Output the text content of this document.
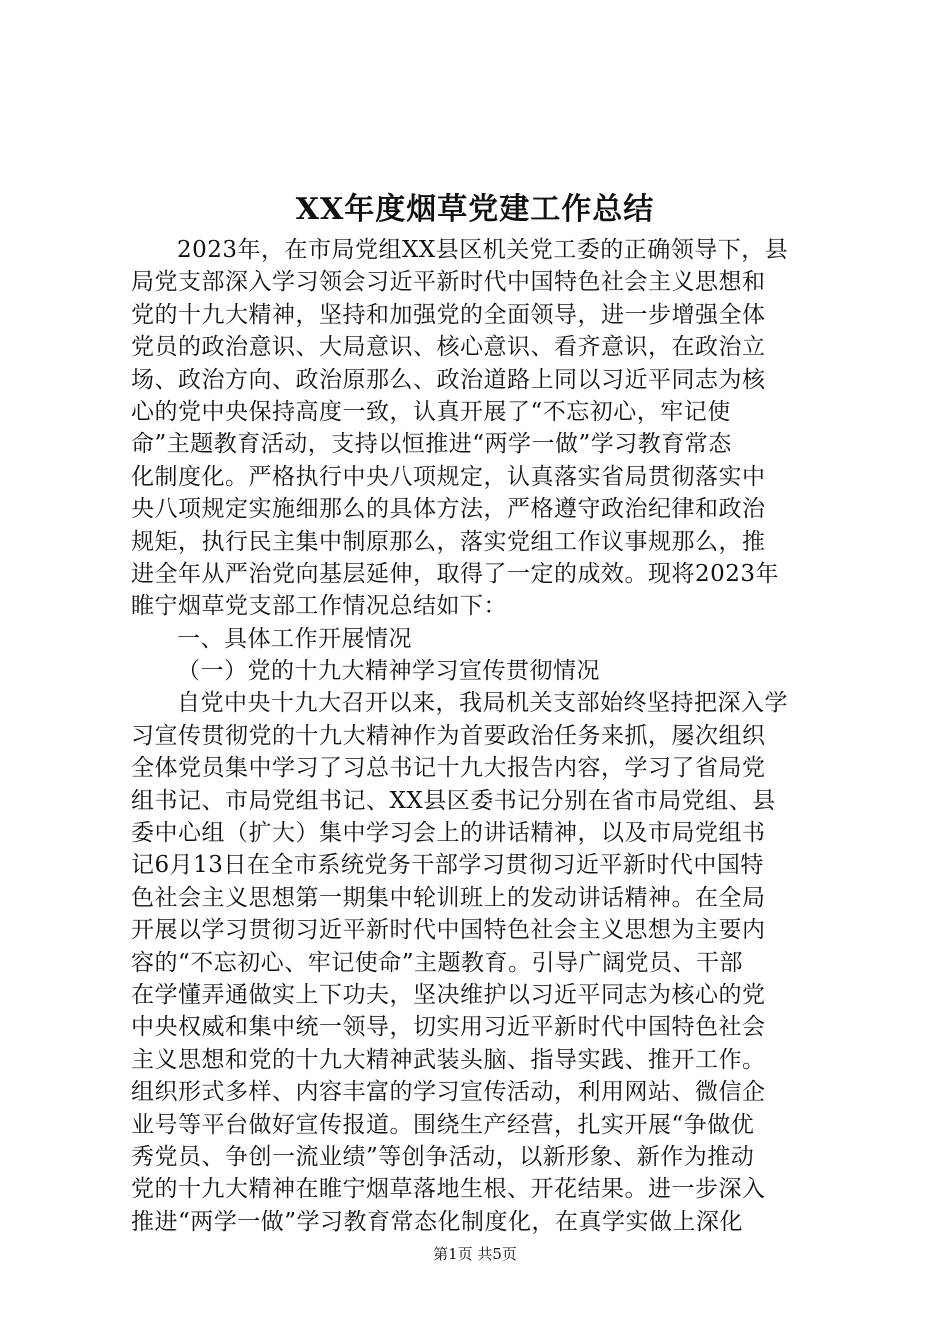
XX年度烟草党建工作总结
2023年，在市局党组XX县区机关党工委的正确领导下，县
局党支部深入学习领会习近平新时代中国特色社会主义思想和
党的十九大精神，坚持和加强党的全面领导，进一步增强全体
党员的政治意识、大局意识、核心意识、看齐意识，在政治立
场、政治方向、政治原那么、政治道路上同以习近平同志为核
心的党中央保持高度一致，认真开展了“不忘初心，牢记使
命”主题教育活动，支持以恒推进“两学一做”学习教育常态
化制度化。严格执行中央八项规定，认真落实省局贯彻落实中
央八项规定实施细那么的具体方法，严格遵守政治纪律和政治
规矩，执行民主集中制原那么，落实党组工作议事规那么，推
进全年从严治党向基层延伸，取得了一定的成效。现将2023年
睢宁烟草党支部工作情况总结如下：
一、具体工作开展情况
（一）党的十九大精神学习宣传贯彻情况
自党中央十九大召开以来，我局机关支部始终坚持把深入学
习宣传贯彻党的十九大精神作为首要政治任务来抓，屡次组织
全体党员集中学习了习总书记十九大报告内容，学习了省局党
组书记、市局党组书记、XX县区委书记分别在省市局党组、县
委中心组（扩大）集中学习会上的讲话精神，以及市局党组书
记6月13日在全市系统党务干部学习贯彻习近平新时代中国特
色社会主义思想第一期集中轮训班上的发动讲话精神。在全局
开展以学习贯彻习近平新时代中国特色社会主义思想为主要内
容的“不忘初心、牢记使命”主题教育。引导广阔党员、干部
在学懂弄通做实上下功夫，坚决维护以习近平同志为核心的党
中央权威和集中统一领导，切实用习近平新时代中国特色社会
主义思想和党的十九大精神武装头脑、指导实践、推开工作。
组织形式多样、内容丰富的学习宣传活动，利用网站、微信企
业号等平台做好宣传报道。围绕生产经营，扎实开展“争做优
秀党员、争创一流业绩”等创争活动，以新形象、新作为推动
党的十九大精神在睢宁烟草落地生根、开花结果。进一步深入
推进“两学一做”学习教育常态化制度化，在真学实做上深化
第1页 共5页
